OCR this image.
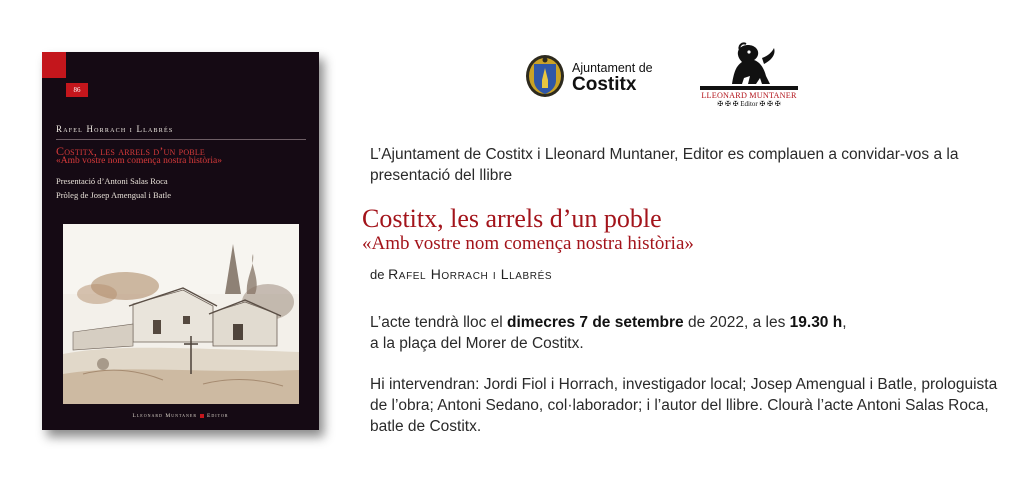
86
Rafel Horrach i Llabrés
Costitx, les arrels d’un poble
«Amb vostre nom comença nostra història»
Presentació d’Antoni Salas Roca
Pròleg de Josep Amengual i Batle
Lleonard Muntaner Editor
Ajuntament de
Costitx
LLEONARD MUNTANER
✠ ✠ ✠ Editor ✠ ✠ ✠
L’Ajuntament de Costitx i Lleonard Muntaner, Editor es complauen a convidar-vos a la presentació del llibre
Costitx, les arrels d’un poble
«Amb vostre nom comença nostra història»
de Rafel Horrach i Llabrés
L’acte tendrà lloc el dimecres 7 de setembre de 2022, a les 19.30 h,
a la plaça del Morer de Costitx.
Hi intervendran: Jordi Fiol i Horrach, investigador local; Josep Amengual i Batle, prologuista de l’obra; Antoni Sedano, col·laborador; i l’autor del llibre. Clourà l’acte Antoni Salas Roca, batle de Costitx.
